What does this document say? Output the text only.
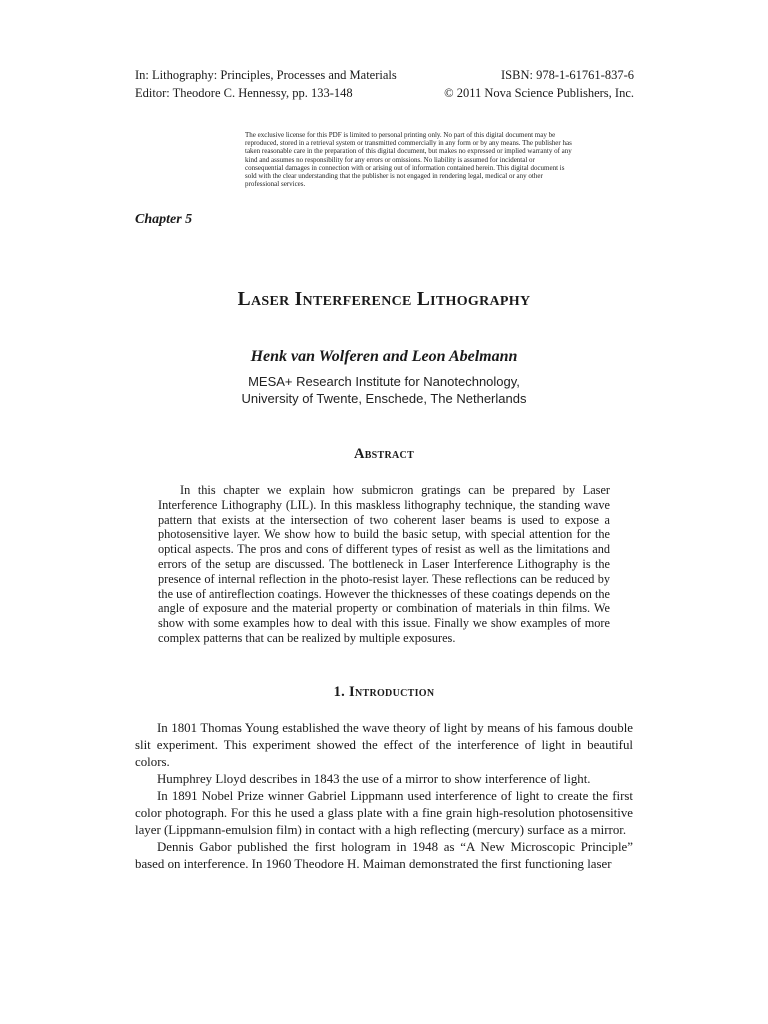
In: Lithography: Principles, Processes and Materials	ISBN: 978-1-61761-837-6
Editor: Theodore C. Hennessy, pp. 133-148	© 2011 Nova Science Publishers, Inc.
The exclusive license for this PDF is limited to personal printing only. No part of this digital document may be reproduced, stored in a retrieval system or transmitted commercially in any form or by any means. The publisher has taken reasonable care in the preparation of this digital document, but makes no expressed or implied warranty of any kind and assumes no responsibility for any errors or omissions. No liability is assumed for incidental or consequential damages in connection with or arising out of information contained herein. This digital document is sold with the clear understanding that the publisher is not engaged in rendering legal, medical or any other professional services.
Chapter 5
Laser Interference Lithography
Henk van Wolferen and Leon Abelmann
MESA+ Research Institute for Nanotechnology,
University of Twente, Enschede, The Netherlands
Abstract

In this chapter we explain how submicron gratings can be prepared by Laser Interference Lithography (LIL). In this maskless lithography technique, the standing wave pattern that exists at the intersection of two coherent laser beams is used to expose a photosensitive layer. We show how to build the basic setup, with special attention for the optical aspects. The pros and cons of different types of resist as well as the limitations and errors of the setup are discussed. The bottleneck in Laser Interference Lithography is the presence of internal reflection in the photo-resist layer. These reflections can be reduced by the use of antireflection coatings. However the thicknesses of these coatings depends on the angle of exposure and the material property or combination of materials in thin films. We show with some examples how to deal with this issue. Finally we show examples of more complex patterns that can be realized by multiple exposures.

1. Introduction

In 1801 Thomas Young established the wave theory of light by means of his famous double slit experiment. This experiment showed the effect of the interference of light in beautiful colors.

Humphrey Lloyd describes in 1843 the use of a mirror to show interference of light.

In 1891 Nobel Prize winner Gabriel Lippmann used interference of light to create the first color photograph. For this he used a glass plate with a fine grain high-resolution photosensitive layer (Lippmann-emulsion film) in contact with a high reflecting (mercury) surface as a mirror.

Dennis Gabor published the first hologram in 1948 as “A New Microscopic Principle” based on interference. In 1960 Theodore H. Maiman demonstrated the first functioning laser
